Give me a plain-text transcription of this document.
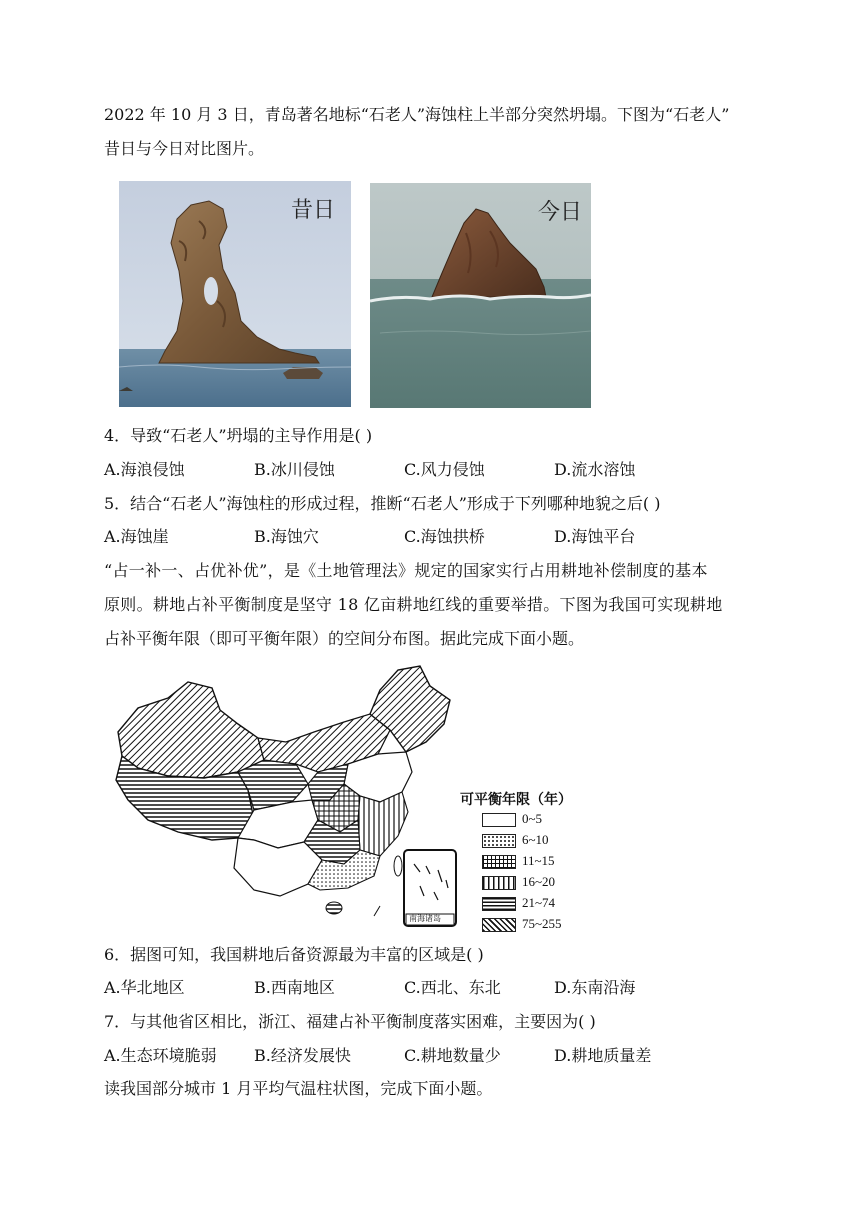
2022 年 10 月 3 日，青岛著名地标“石老人”海蚀柱上半部分突然坍塌。下图为“石老人”
昔日与今日对比图片。
昔日	今日
4．导致“石老人”坍塌的主导作用是( )
A.海浪侵蚀	B.冰川侵蚀	C.风力侵蚀	D.流水溶蚀
5．结合“石老人”海蚀柱的形成过程，推断“石老人”形成于下列哪种地貌之后( )
A.海蚀崖	B.海蚀穴	C.海蚀拱桥	D.海蚀平台
“占一补一、占优补优”，是《土地管理法》规定的国家实行占用耕地补偿制度的基本
原则。耕地占补平衡制度是坚守 18 亿亩耕地红线的重要举措。下图为我国可实现耕地
占补平衡年限（即可平衡年限）的空间分布图。据此完成下面小题。
南海诸岛
可平衡年限（年）
0~5
6~10
11~15
16~20
21~74
75~255
6．据图可知，我国耕地后备资源最为丰富的区域是( )
A.华北地区	B.西南地区	C.西北、东北	D.东南沿海
7．与其他省区相比，浙江、福建占补平衡制度落实困难，主要因为( )
A.生态环境脆弱 B.经济发展快	C.耕地数量少	D.耕地质量差
读我国部分城市 1 月平均气温柱状图，完成下面小题。
